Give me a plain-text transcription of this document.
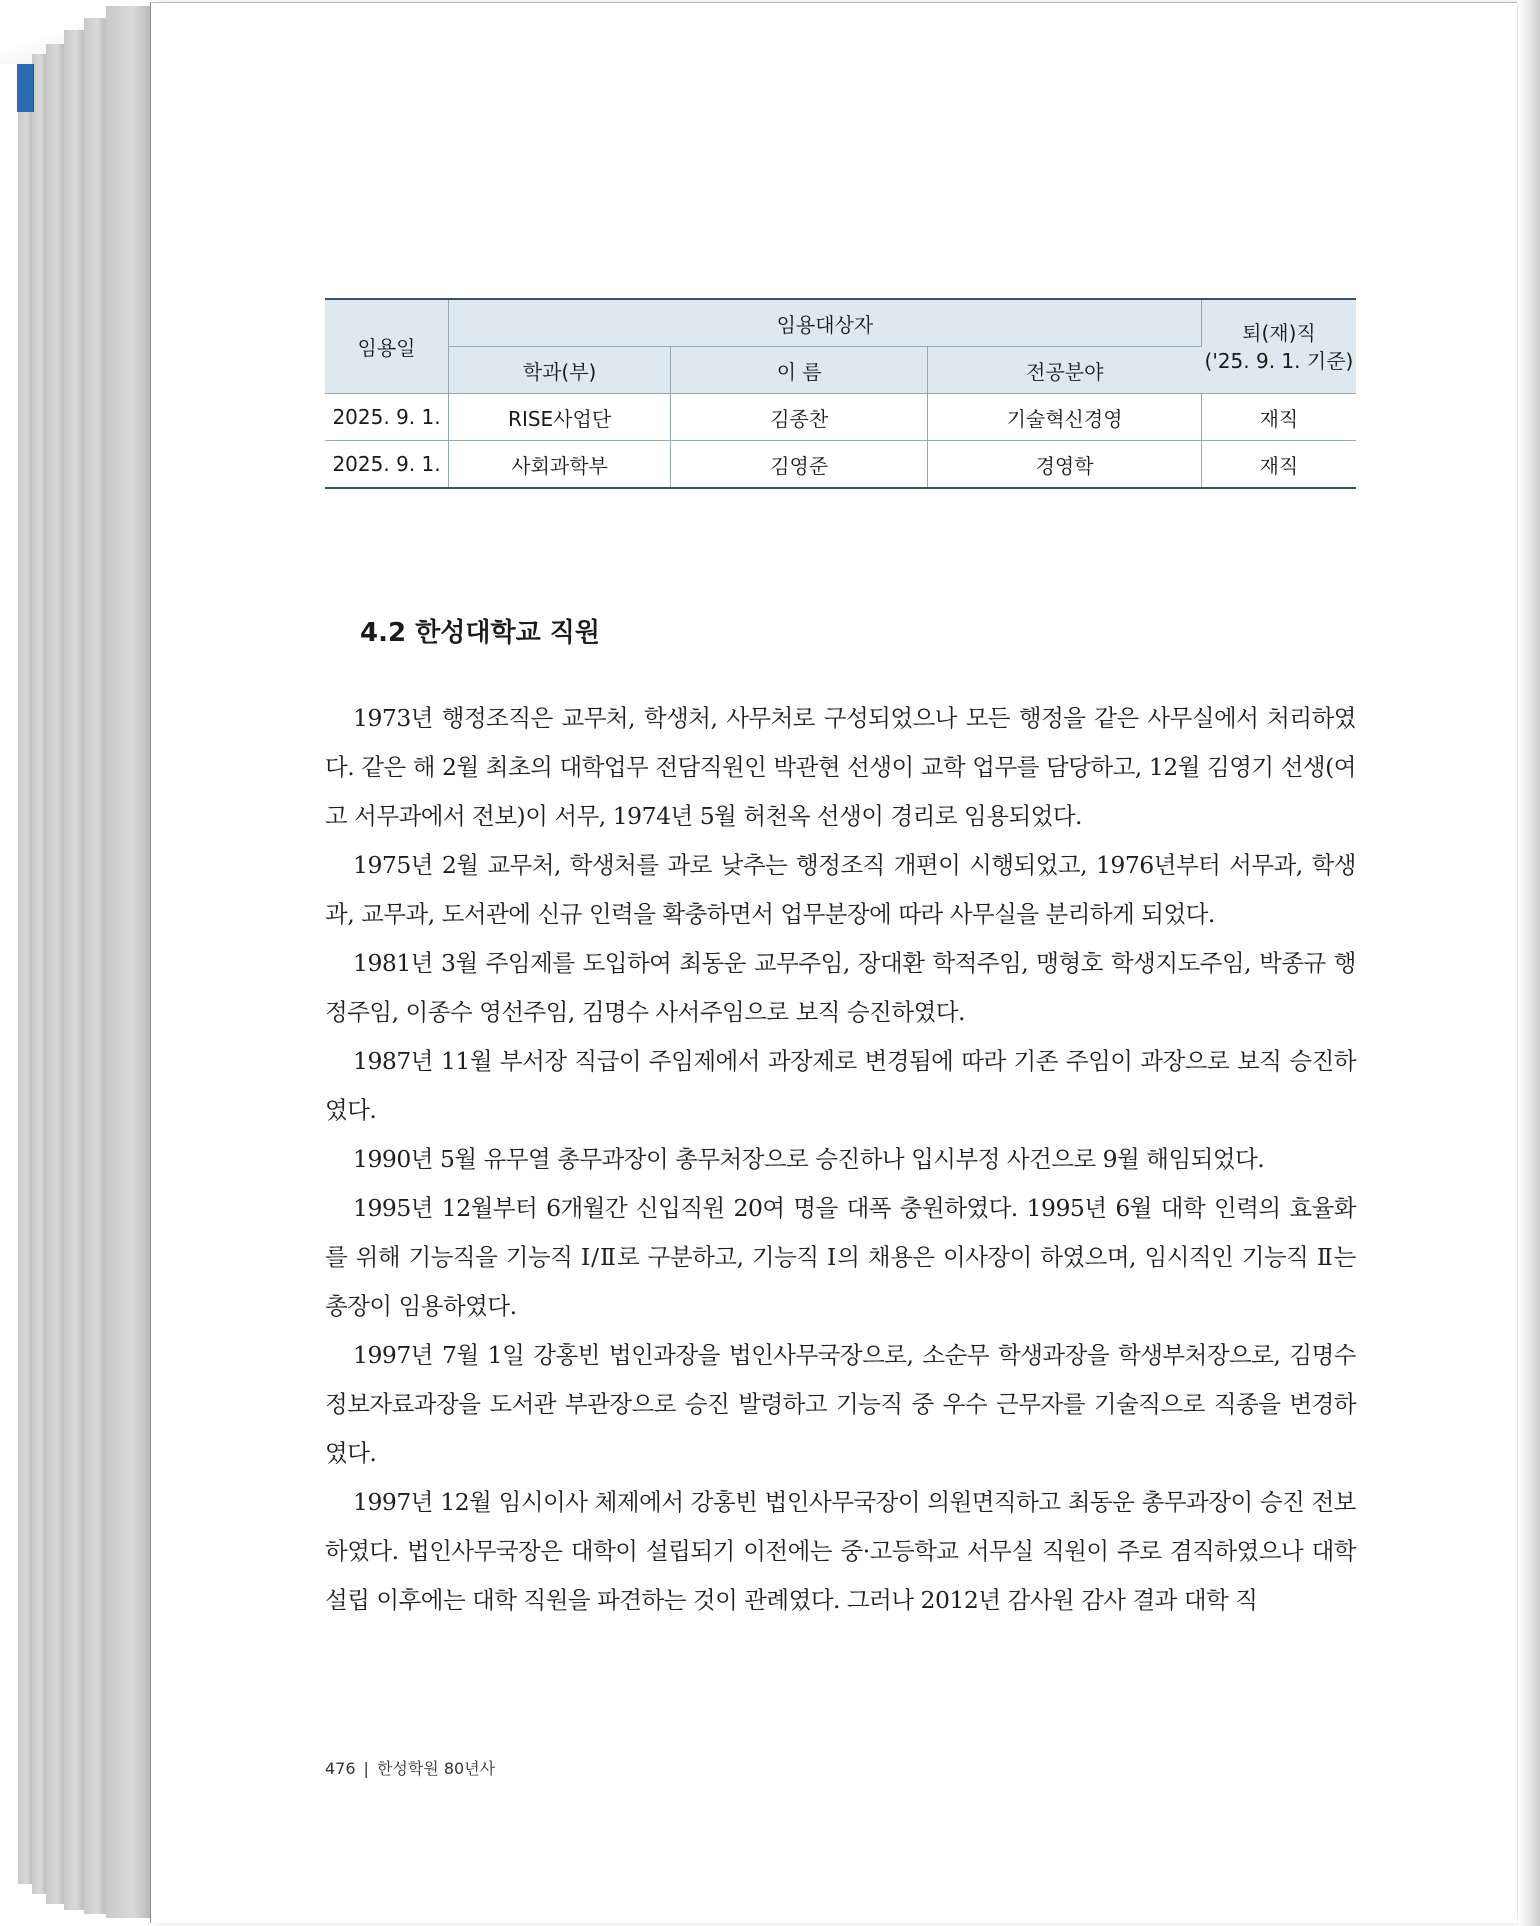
임용일	임용대상자			퇴(재)직
('25. 9. 1. 기준)

	학과(부)	이 름	전공분야	
2025. 9. 1.	RISE사업단	김종찬	기술혁신경영	재직
2025. 9. 1.	사회과학부	김영준	경영학	재직
4.2 한성대학교 직원

1973년 행정조직은 교무처, 학생처, 사무처로 구성되었으나 모든 행정을 같은 사무실에서 처리하였다. 같은 해 2월 최초의 대학업무 전담직원인 박관현 선생이 교학 업무를 담당하고, 12월 김영기 선생(여고 서무과에서 전보)이 서무, 1974년 5월 허천옥 선생이 경리로 임용되었다.

1975년 2월 교무처, 학생처를 과로 낮추는 행정조직 개편이 시행되었고, 1976년부터 서무과, 학생과, 교무과, 도서관에 신규 인력을 확충하면서 업무분장에 따라 사무실을 분리하게 되었다.

1981년 3월 주임제를 도입하여 최동운 교무주임, 장대환 학적주임, 맹형호 학생지도주임, 박종규 행정주임, 이종수 영선주임, 김명수 사서주임으로 보직 승진하였다.

1987년 11월 부서장 직급이 주임제에서 과장제로 변경됨에 따라 기존 주임이 과장으로 보직 승진하였다.

1990년 5월 유무열 총무과장이 총무처장으로 승진하나 입시부정 사건으로 9월 해임되었다.

1995년 12월부터 6개월간 신입직원 20여 명을 대폭 충원하였다. 1995년 6월 대학 인력의 효율화를 위해 기능직을 기능직 Ⅰ/Ⅱ로 구분하고, 기능직 Ⅰ의 채용은 이사장이 하였으며, 임시직인 기능직 Ⅱ는 총장이 임용하였다.

1997년 7월 1일 강홍빈 법인과장을 법인사무국장으로, 소순무 학생과장을 학생부처장으로, 김명수 정보자료과장을 도서관 부관장으로 승진 발령하고 기능직 중 우수 근무자를 기술직으로 직종을 변경하였다.

1997년 12월 임시이사 체제에서 강홍빈 법인사무국장이 의원면직하고 최동운 총무과장이 승진 전보하였다. 법인사무국장은 대학이 설립되기 이전에는 중·고등학교 서무실 직원이 주로 겸직하였으나 대학 설립 이후에는 대학 직원을 파견하는 것이 관례였다. 그러나 2012년 감사원 감사 결과 대학 직

476 | 한성학원 80년사
